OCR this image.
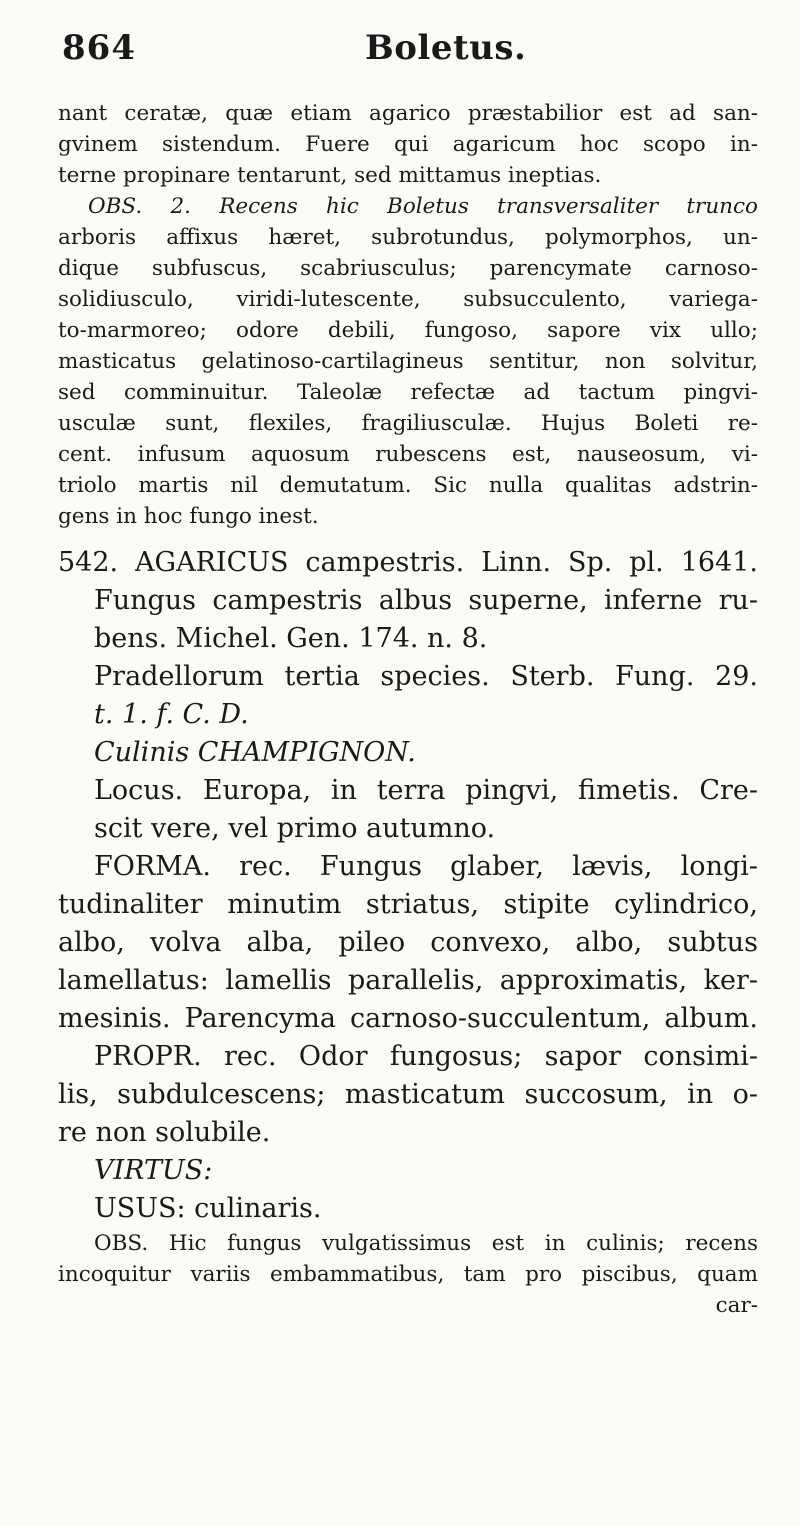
864	Boletus.
nant ceratæ, quæ etiam agarico præstabilior est ad san-
gvinem sistendum. Fuere qui agaricum hoc scopo in-
terne propinare tentarunt, sed mittamus ineptias.
OBS. 2. Recens hic Boletus transversaliter trunco
arboris affixus hæret, subrotundus, polymorphos, un-
dique subfuscus, scabriusculus; parencymate carnoso-
solidiusculo, viridi-lutescente, subsucculento, variega-
to-marmoreo; odore debili, fungoso, sapore vix ullo;
masticatus gelatinoso-cartilagineus sentitur, non solvitur,
sed comminuitur. Taleolæ refectæ ad tactum pingvi-
usculæ sunt, flexiles, fragiliusculæ. Hujus Boleti re-
cent. infusum aquosum rubescens est, nauseosum, vi-
triolo martis nil demutatum. Sic nulla qualitas adstrin-
gens in hoc fungo inest.
542. AGARICUS campestris. Linn. Sp. pl. 1641.
Fungus campestris albus superne, inferne ru-
bens. Michel. Gen. 174. n. 8.
Pradellorum tertia species. Sterb. Fung. 29.
t. 1. f. C. D.
Culinis CHAMPIGNON.
Locus. Europa, in terra pingvi, fimetis. Cre-
scit vere, vel primo autumno.
FORMA. rec. Fungus glaber, lævis, longi-
tudinaliter minutim striatus, stipite cylindrico,
albo, volva alba, pileo convexo, albo, subtus
lamellatus: lamellis parallelis, approximatis, ker-
mesinis. Parencyma carnoso-succulentum, album.
PROPR. rec. Odor fungosus; sapor consimi-
lis, subdulcescens; masticatum succosum, in o-
re non solubile.
VIRTUS:
USUS: culinaris.
OBS. Hic fungus vulgatissimus est in culinis; recens
incoquitur variis embammatibus, tam pro piscibus, quam
car-
